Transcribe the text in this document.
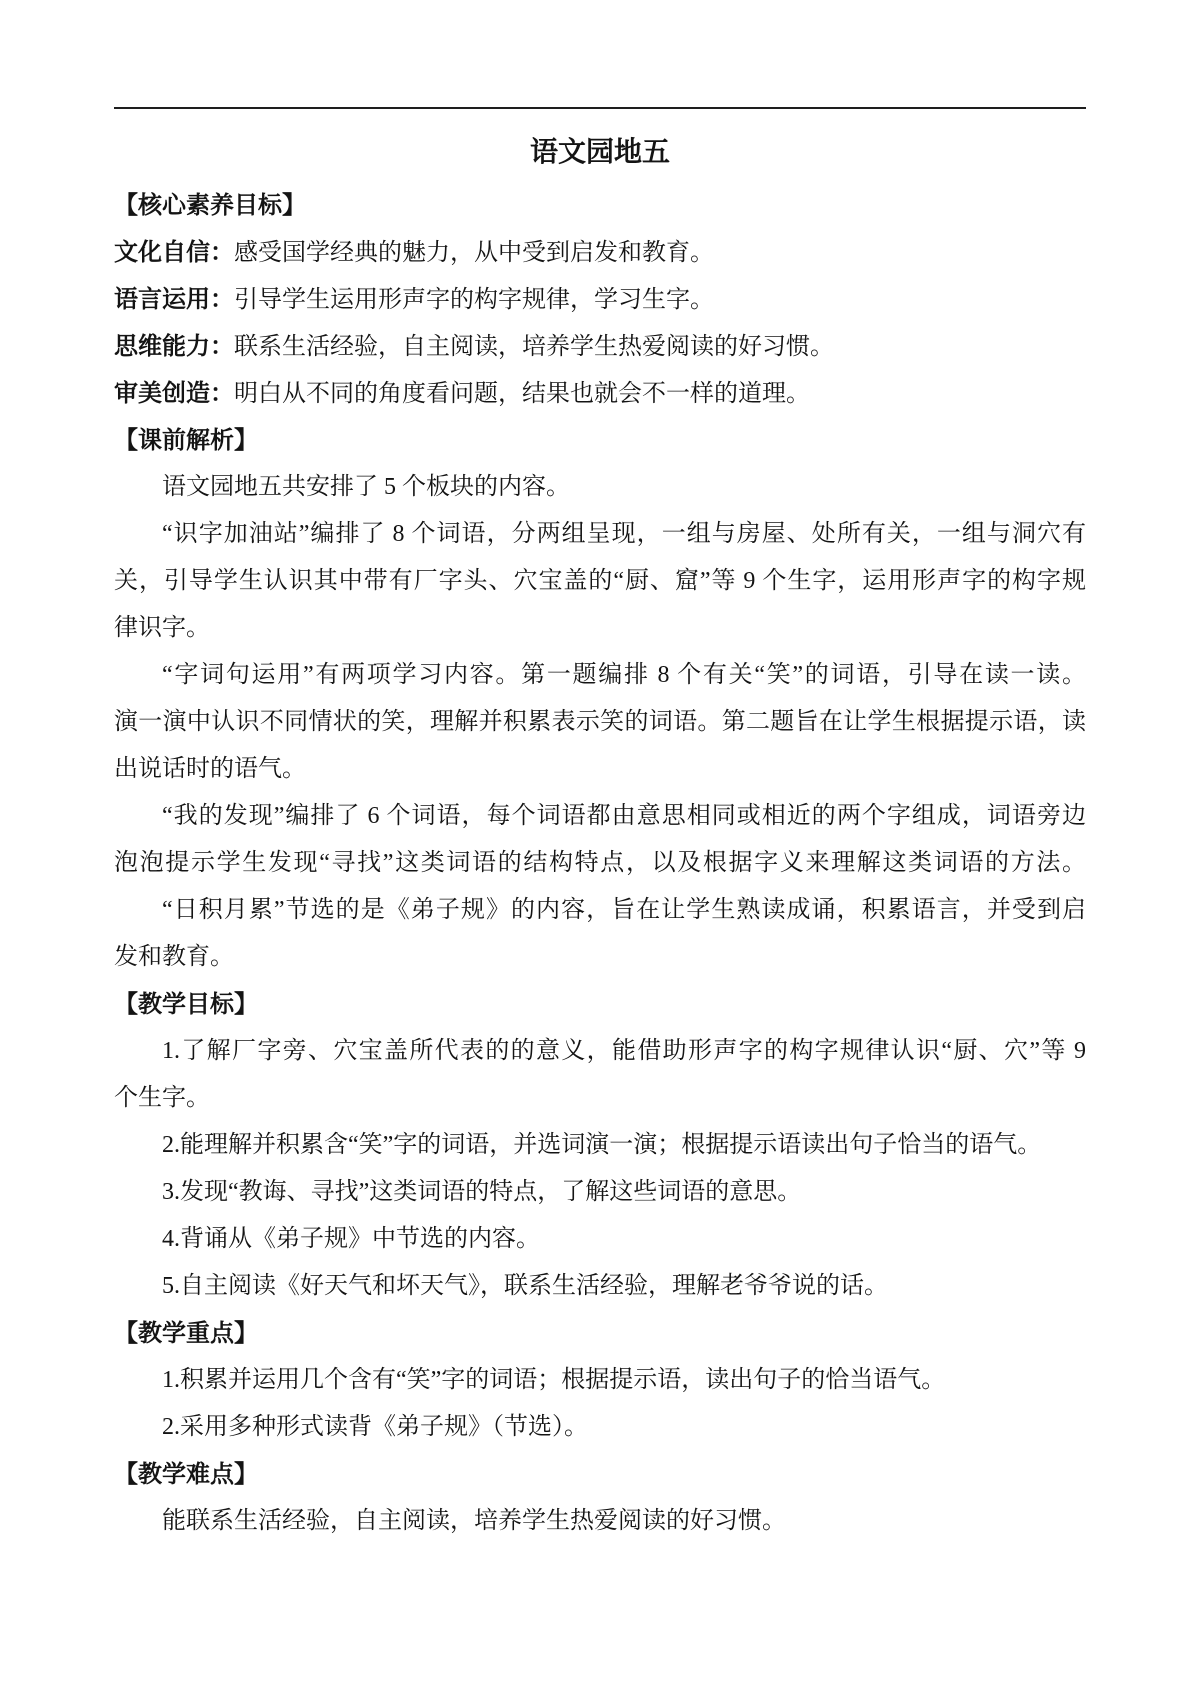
语文园地五
【核心素养目标】
文化自信：感受国学经典的魅力，从中受到启发和教育。
语言运用：引导学生运用形声字的构字规律，学习生字。
思维能力：联系生活经验，自主阅读，培养学生热爱阅读的好习惯。
审美创造：明白从不同的角度看问题，结果也就会不一样的道理。
【课前解析】
语文园地五共安排了 5 个板块的内容。
“识字加油站”编排了 8 个词语，分两组呈现，一组与房屋、处所有关，一组与洞穴有
关，引导学生认识其中带有厂字头、穴宝盖的“厨、窟”等 9 个生字，运用形声字的构字规
律识字。
“字词句运用”有两项学习内容。第一题编排 8 个有关“笑”的词语，引导在读一读。
演一演中认识不同情状的笑，理解并积累表示笑的词语。第二题旨在让学生根据提示语，读
出说话时的语气。
“我的发现”编排了 6 个词语，每个词语都由意思相同或相近的两个字组成，词语旁边
泡泡提示学生发现“寻找”这类词语的结构特点，以及根据字义来理解这类词语的方法。
“日积月累”节选的是《弟子规》的内容，旨在让学生熟读成诵，积累语言，并受到启
发和教育。
【教学目标】
1.了解厂字旁、穴宝盖所代表的的意义，能借助形声字的构字规律认识“厨、穴”等 9
个生字。
2.能理解并积累含“笑”字的词语，并选词演一演；根据提示语读出句子恰当的语气。
3.发现“教诲、寻找”这类词语的特点，了解这些词语的意思。
4.背诵从《弟子规》中节选的内容。
5.自主阅读《好天气和坏天气》，联系生活经验，理解老爷爷说的话。
【教学重点】
1.积累并运用几个含有“笑”字的词语；根据提示语，读出句子的恰当语气。
2.采用多种形式读背《弟子规》（节选）。
【教学难点】
能联系生活经验，自主阅读，培养学生热爱阅读的好习惯。
